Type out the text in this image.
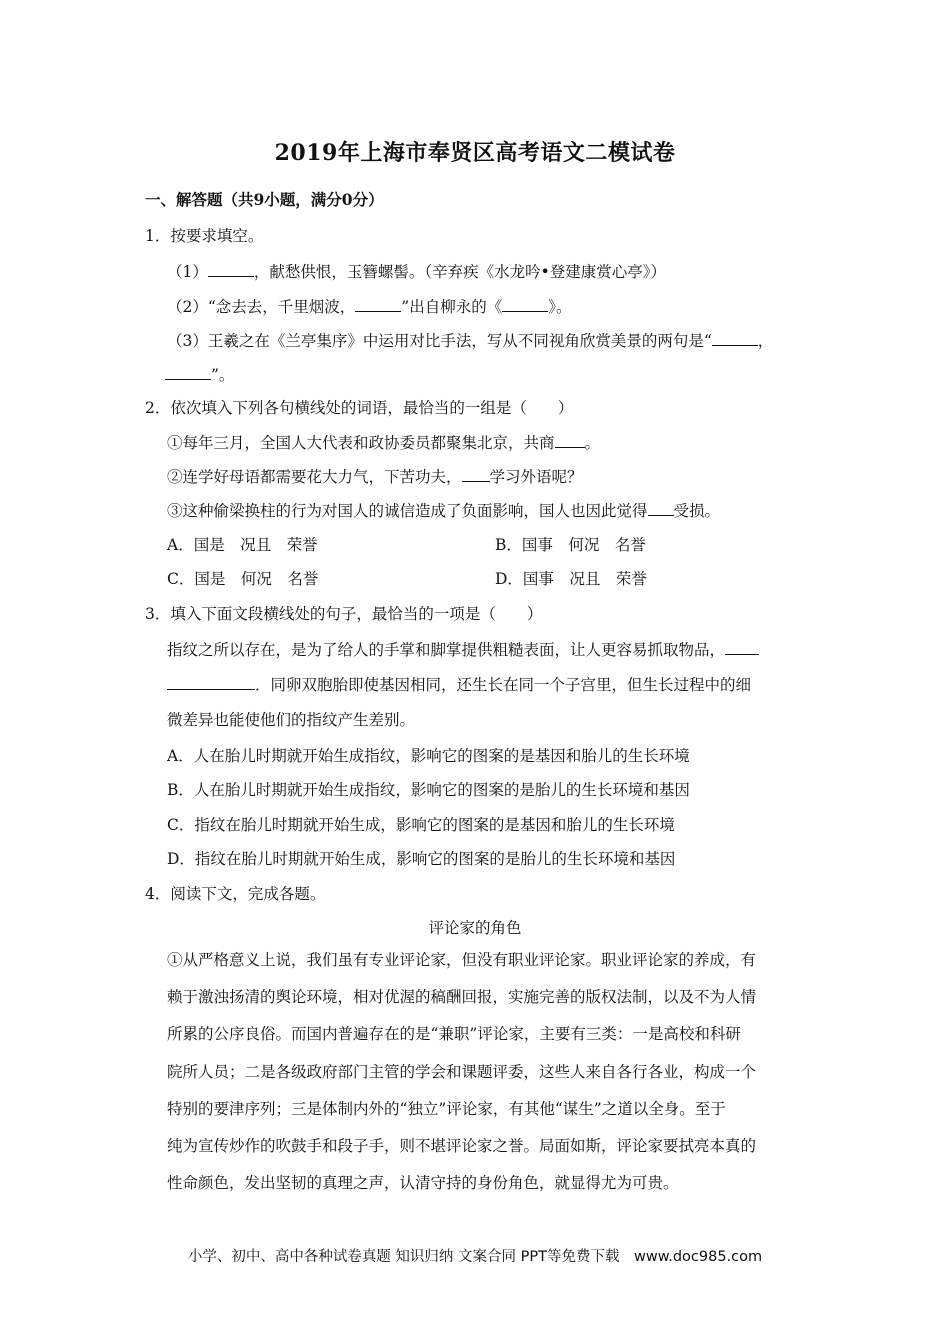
2019年上海市奉贤区高考语文二模试卷
一、解答题（共9小题，满分0分）
1．按要求填空。
（1）	，献愁供恨，玉簪螺髻。（辛弃疾《水龙吟•登建康赏心亭》）
（2）“念去去，千里烟波，	”出自柳永的《	》。
（3）王羲之在《兰亭集序》中运用对比手法，写从不同视角欣赏美景的两句是“	，
”。
2．依次填入下列各句横线处的词语，最恰当的一组是（　　）
①每年三月，全国人大代表和政协委员都聚集北京，共商 。
②连学好母语都需要花大力气，下苦功夫， 学习外语呢？
③这种偷梁换柱的行为对国人的诚信造成了负面影响，国人也因此觉得 受损。
A．国是　况且　荣誉	B．国事　何况　名誉
C．国是　何况　名誉	D．国事　况且　荣誉
3．填入下面文段横线处的句子，最恰当的一项是（　　）
指纹之所以存在，是为了给人的手掌和脚掌提供粗糙表面，让人更容易抓取物品，
．同卵双胞胎即使基因相同，还生长在同一个子宫里，但生长过程中的细
微差异也能使他们的指纹产生差别。
A．人在胎儿时期就开始生成指纹，影响它的图案的是基因和胎儿的生长环境
B．人在胎儿时期就开始生成指纹，影响它的图案的是胎儿的生长环境和基因
C．指纹在胎儿时期就开始生成，影响它的图案的是基因和胎儿的生长环境
D．指纹在胎儿时期就开始生成，影响它的图案的是胎儿的生长环境和基因
4．阅读下文，完成各题。
评论家的角色
①从严格意义上说，我们虽有专业评论家，但没有职业评论家。职业评论家的养成，有
赖于激浊扬清的舆论环境，相对优渥的稿酬回报，实施完善的版权法制，以及不为人情
所累的公序良俗。而国内普遍存在的是“兼职”评论家，主要有三类：一是高校和科研
院所人员；二是各级政府部门主管的学会和课题评委，这些人来自各行各业，构成一个
特别的要津序列；三是体制内外的“独立”评论家，有其他“谋生”之道以全身。至于
纯为宣传炒作的吹鼓手和段子手，则不堪评论家之誉。局面如斯，评论家要拭亮本真的
性命颜色，发出坚韧的真理之声，认清守持的身份角色，就显得尤为可贵。
小学、初中、高中各种试卷真题 知识归纳 文案合同 PPT等免费下载　www.doc985.com
